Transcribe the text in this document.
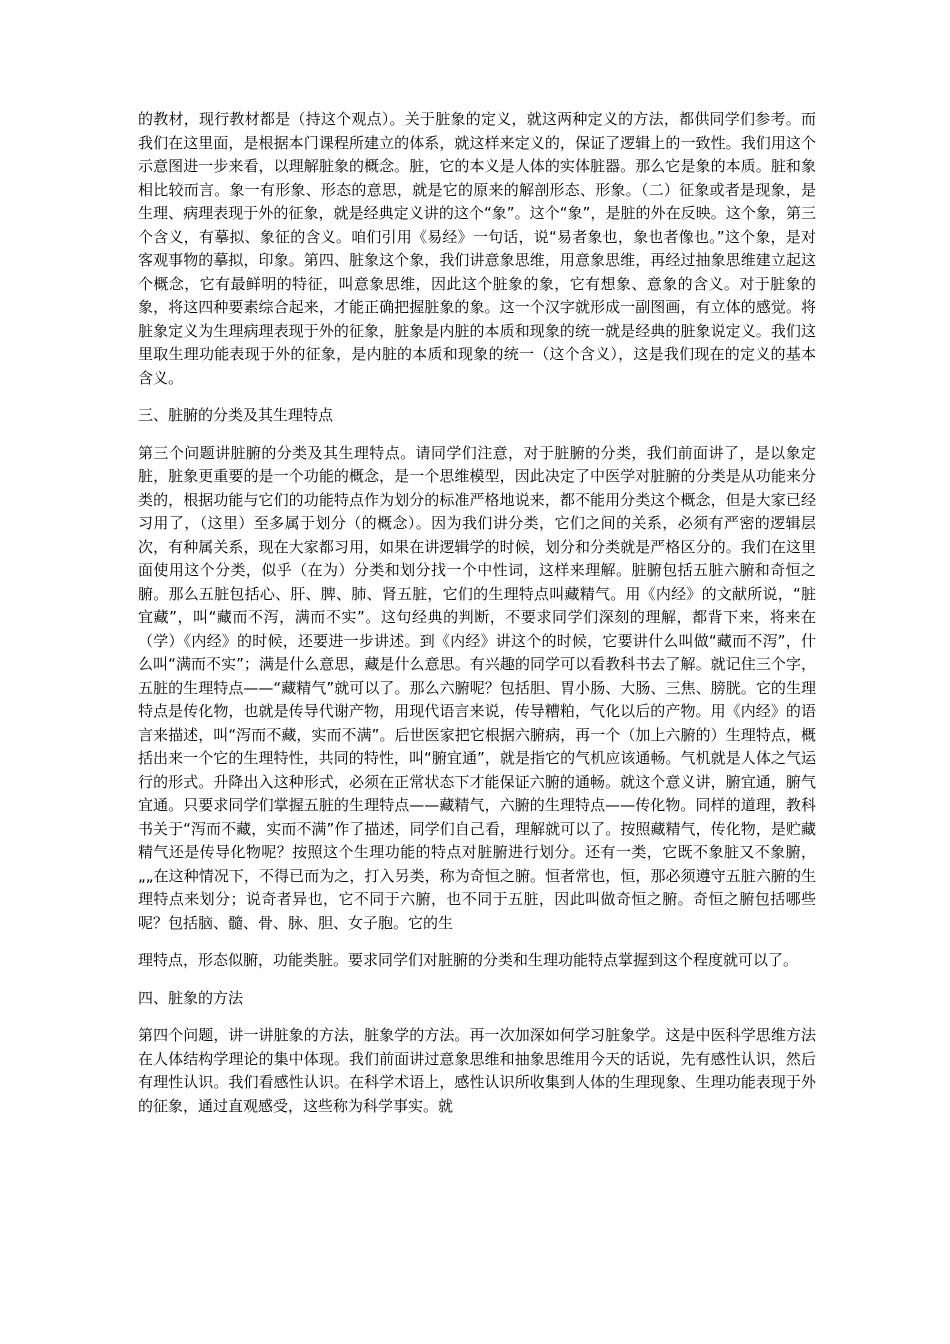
的教材，现行教材都是（持这个观点）。关于脏象的定义，就这两种定义的方法，都供同学们参考。而我们在这里面，是根据本门课程所建立的体系，就这样来定义的，保证了逻辑上的一致性。我们用这个示意图进一步来看，以理解脏象的概念。脏，它的本义是人体的实体脏器。那么它是象的本质。脏和象相比较而言。象一有形象、形态的意思，就是它的原来的解剖形态、形象。（二）征象或者是现象，是生理、病理表现于外的征象，就是经典定义讲的这个“象”。这个“象”，是脏的外在反映。这个象，第三个含义，有摹拟、象征的含义。咱们引用《易经》一句话，说“易者象也，象也者像也。”这个象，是对客观事物的摹拟，印象。第四、脏象这个象，我们讲意象思维，用意象思维，再经过抽象思维建立起这个概念，它有最鲜明的特征，叫意象思维，因此这个脏象的象，它有想象、意象的含义。对于脏象的象，将这四种要素综合起来，才能正确把握脏象的象。这一个汉字就形成一副图画，有立体的感觉。将脏象定义为生理病理表现于外的征象，脏象是内脏的本质和现象的统一就是经典的脏象说定义。我们这里取生理功能表现于外的征象，是内脏的本质和现象的统一（这个含义），这是我们现在的定义的基本含义。

三、脏腑的分类及其生理特点

第三个问题讲脏腑的分类及其生理特点。请同学们注意，对于脏腑的分类，我们前面讲了，是以象定脏，脏象更重要的是一个功能的概念，是一个思维模型，因此决定了中医学对脏腑的分类是从功能来分类的，根据功能与它们的功能特点作为划分的标准严格地说来，都不能用分类这个概念，但是大家已经习用了，（这里）至多属于划分（的概念）。因为我们讲分类，它们之间的关系，必须有严密的逻辑层次，有种属关系，现在大家都习用，如果在讲逻辑学的时候，划分和分类就是严格区分的。我们在这里面使用这个分类，似乎（在为）分类和划分找一个中性词，这样来理解。脏腑包括五脏六腑和奇恒之腑。那么五脏包括心、肝、脾、肺、肾五脏，它们的生理特点叫藏精气。用《内经》的文献所说，“脏宜藏”，叫“藏而不泻，满而不实”。这句经典的判断，不要求同学们深刻的理解，都背下来，将来在（学）《内经》的时候，还要进一步讲述。到《内经》讲这个的时候，它要讲什么叫做“藏而不泻”，什么叫“满而不实”；满是什么意思，藏是什么意思。有兴趣的同学可以看教科书去了解。就记住三个字，五脏的生理特点——“藏精气”就可以了。那么六腑呢？包括胆、胃小肠、大肠、三焦、膀胱。它的生理特点是传化物，也就是传导代谢产物，用现代语言来说，传导糟粕，气化以后的产物。用《内经》的语言来描述，叫“泻而不藏，实而不满”。后世医家把它根据六腑病，再一个（加上六腑的）生理特点，概括出来一个它的生理特性，共同的特性，叫“腑宜通”，就是指它的气机应该通畅。气机就是人体之气运行的形式。升降出入这种形式，必须在正常状态下才能保证六腑的通畅。就这个意义讲，腑宜通，腑气宜通。只要求同学们掌握五脏的生理特点——藏精气，六腑的生理特点——传化物。同样的道理，教科书关于“泻而不藏，实而不满”作了描述，同学们自己看，理解就可以了。按照藏精气，传化物，是贮藏精气还是传导化物呢？按照这个生理功能的特点对脏腑进行划分。还有一类，它既不象脏又不象腑，„„在这种情况下，不得已而为之，打入另类，称为奇恒之腑。恒者常也，恒，那必须遵守五脏六腑的生理特点来划分；说奇者异也，它不同于六腑，也不同于五脏，因此叫做奇恒之腑。奇恒之腑包括哪些呢？包括脑、髓、骨、脉、胆、女子胞。它的生

理特点，形态似腑，功能类脏。要求同学们对脏腑的分类和生理功能特点掌握到这个程度就可以了。

四、脏象的方法

第四个问题，讲一讲脏象的方法，脏象学的方法。再一次加深如何学习脏象学。这是中医科学思维方法在人体结构学理论的集中体现。我们前面讲过意象思维和抽象思维用今天的话说，先有感性认识，然后有理性认识。我们看感性认识。在科学术语上，感性认识所收集到人体的生理现象、生理功能表现于外的征象，通过直观感受，这些称为科学事实。就
